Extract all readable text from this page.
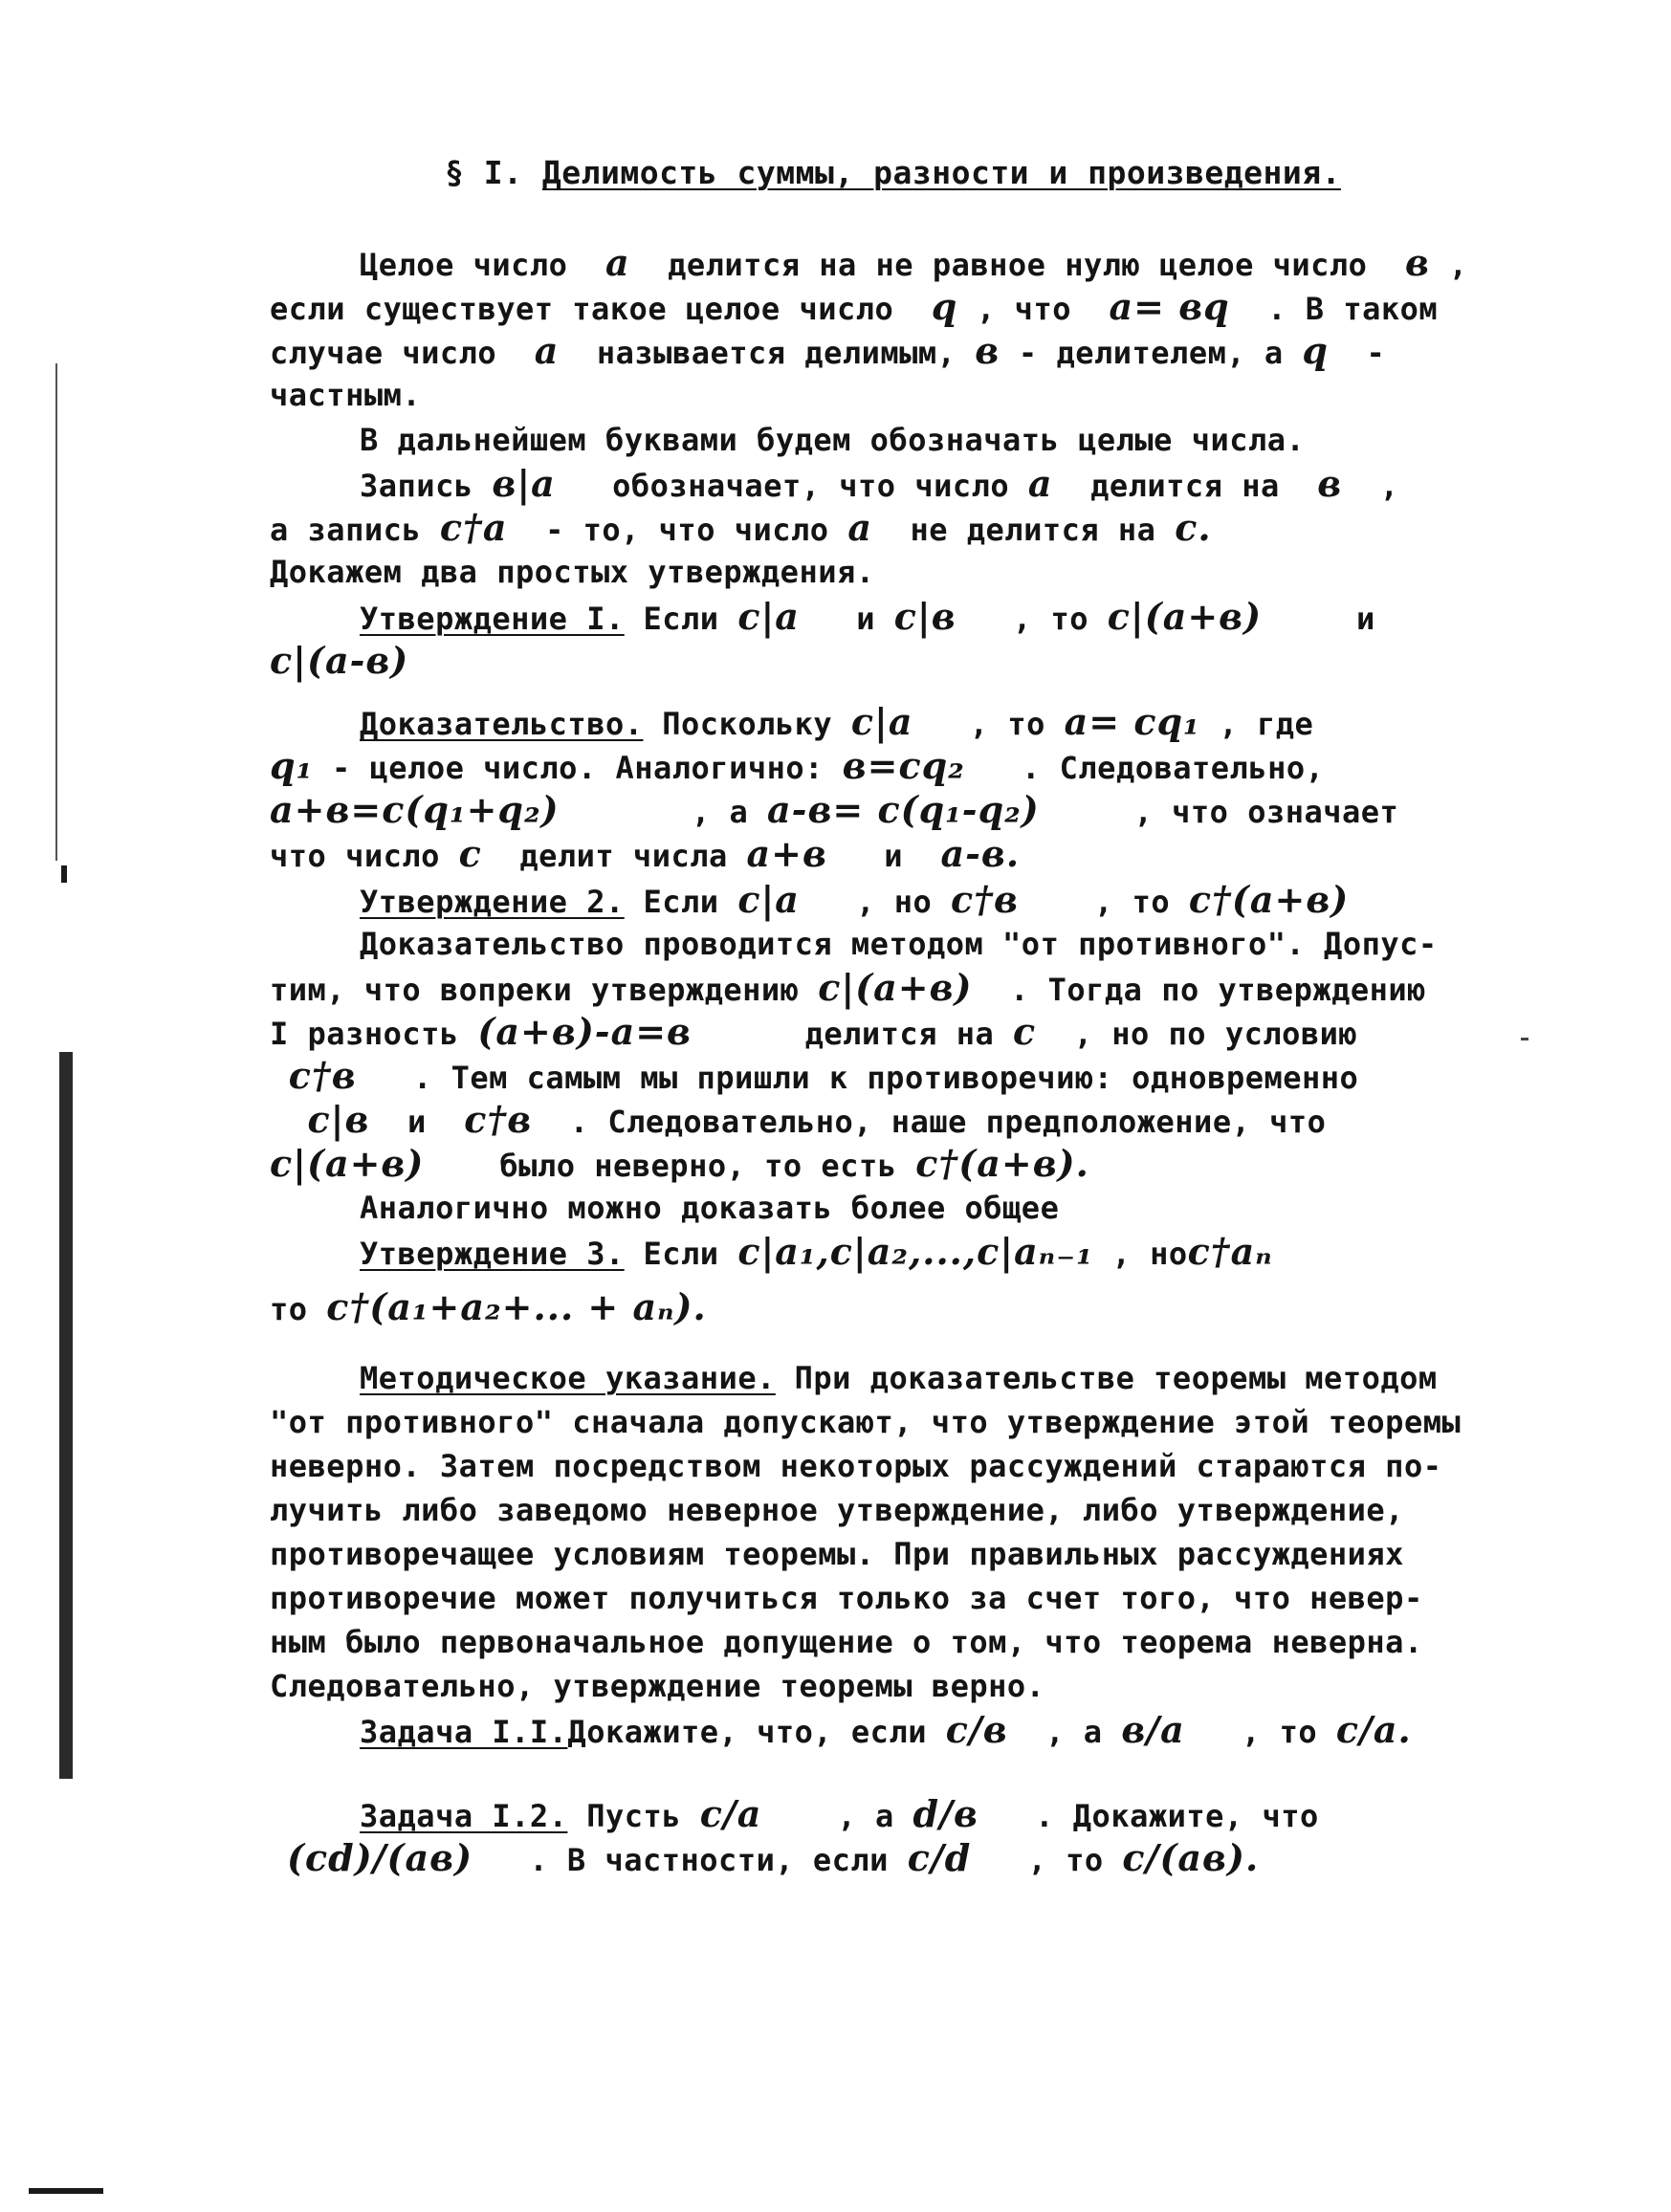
§ I. Делимость суммы, разности и произведения.
Целое число a делится на не равное нулю целое число в ,
если существует такое целое число q , что a= вq . В таком
случае число a называется делимым, в - делителем, а q -
частным.
В дальнейшем буквами будем обозначать целые числа.
Запись в|a обозначает, что число a делится на в ,
а запись c†a - то, что число a не делится на c.
Докажем два простых утверждения.
Утверждение I. Если c|a и c|в , то c|(a+в)	и
c|(a-в)
Доказательство. Поскольку c|a , то a= cq₁ , где
q₁ - целое число. Аналогично: в=cq₂ . Следовательно,
a+в=c(q₁+q₂)	, а a-в= c(q₁-q₂)	, что означает
что число c делит числа a+в и a-в.
Утверждение 2. Если c|a , но c†в , то c†(a+в)
Доказательство проводится методом "от противного". Допус-
тим, что вопреки утверждению c|(a+в) . Тогда по утверждению
I разность (a+в)-a=в	делится на c , но по условию
c†в . Тем самым мы пришли к противоречию: одновременно
c|в и c†в . Следовательно, наше предположение, что
c|(a+в) было неверно, то есть c†(a+в).
Аналогично можно доказать более общее
Утверждение 3. Если c|a₁,c|a₂,...,c|aₙ₋₁ , ноc†aₙ
то c†(a₁+a₂+... + aₙ).
Методическое указание. При доказательстве теоремы методом
"от противного" сначала допускают, что утверждение этой теоремы
неверно. Затем посредством некоторых рассуждений стараются по-
лучить либо заведомо неверное утверждение, либо утверждение,
противоречащее условиям теоремы. При правильных рассуждениях
противоречие может получиться только за счет того, что невер-
ным было первоначальное допущение о том, что теорема неверна.
Следовательно, утверждение теоремы верно.
Задача I.I.Докажите, что, если c/в , а в/a , то c/a.
Задача I.2. Пусть c/a , а d/в . Докажите, что
(cd)/(aв) . В частности, если c/d , то c/(aв).
